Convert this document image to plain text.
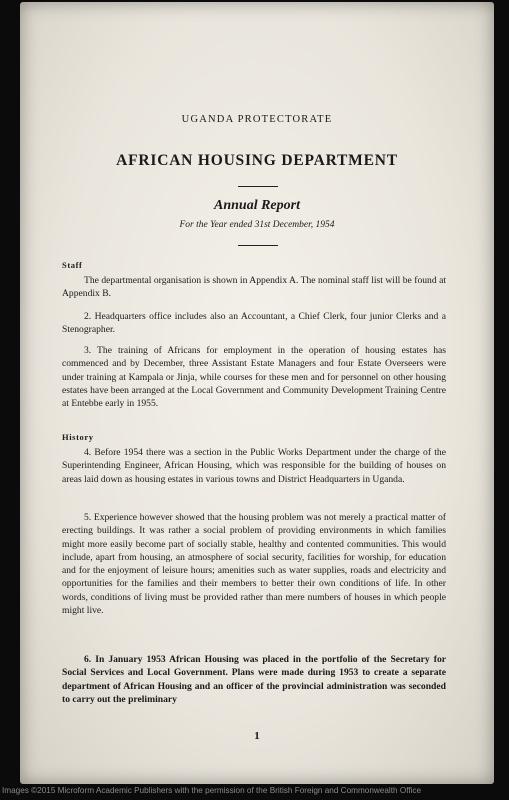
UGANDA PROTECTORATE
AFRICAN HOUSING DEPARTMENT
Annual Report
For the Year ended 31st December, 1954
Staff
The departmental organisation is shown in Appendix A. The nominal staff list will be found at Appendix B.
2. Headquarters office includes also an Accountant, a Chief Clerk, four junior Clerks and a Stenographer.
3. The training of Africans for employment in the operation of housing estates has commenced and by December, three Assistant Estate Managers and four Estate Overseers were under training at Kampala or Jinja, while courses for these men and for personnel on other housing estates have been arranged at the Local Government and Community Development Training Centre at Entebbe early in 1955.
History
4. Before 1954 there was a section in the Public Works Department under the charge of the Superintending Engineer, African Housing, which was responsible for the building of houses on areas laid down as housing estates in various towns and District Headquarters in Uganda.
5. Experience however showed that the housing problem was not merely a practical matter of erecting buildings. It was rather a social problem of providing environments in which families might more easily become part of socially stable, healthy and contented communities. This would include, apart from housing, an atmosphere of social security, facilities for worship, for education and for the enjoyment of leisure hours; amenities such as water supplies, roads and electricity and opportunities for the families and their members to better their own conditions of life. In other words, conditions of living must be provided rather than mere numbers of houses in which people might live.
6. In January 1953 African Housing was placed in the portfolio of the Secretary for Social Services and Local Government. Plans were made during 1953 to create a separate department of African Housing and an officer of the provincial administration was seconded to carry out the preliminary
1
Images ©2015 Microform Academic Publishers with the permission of the British Foreign and Commonwealth Office
